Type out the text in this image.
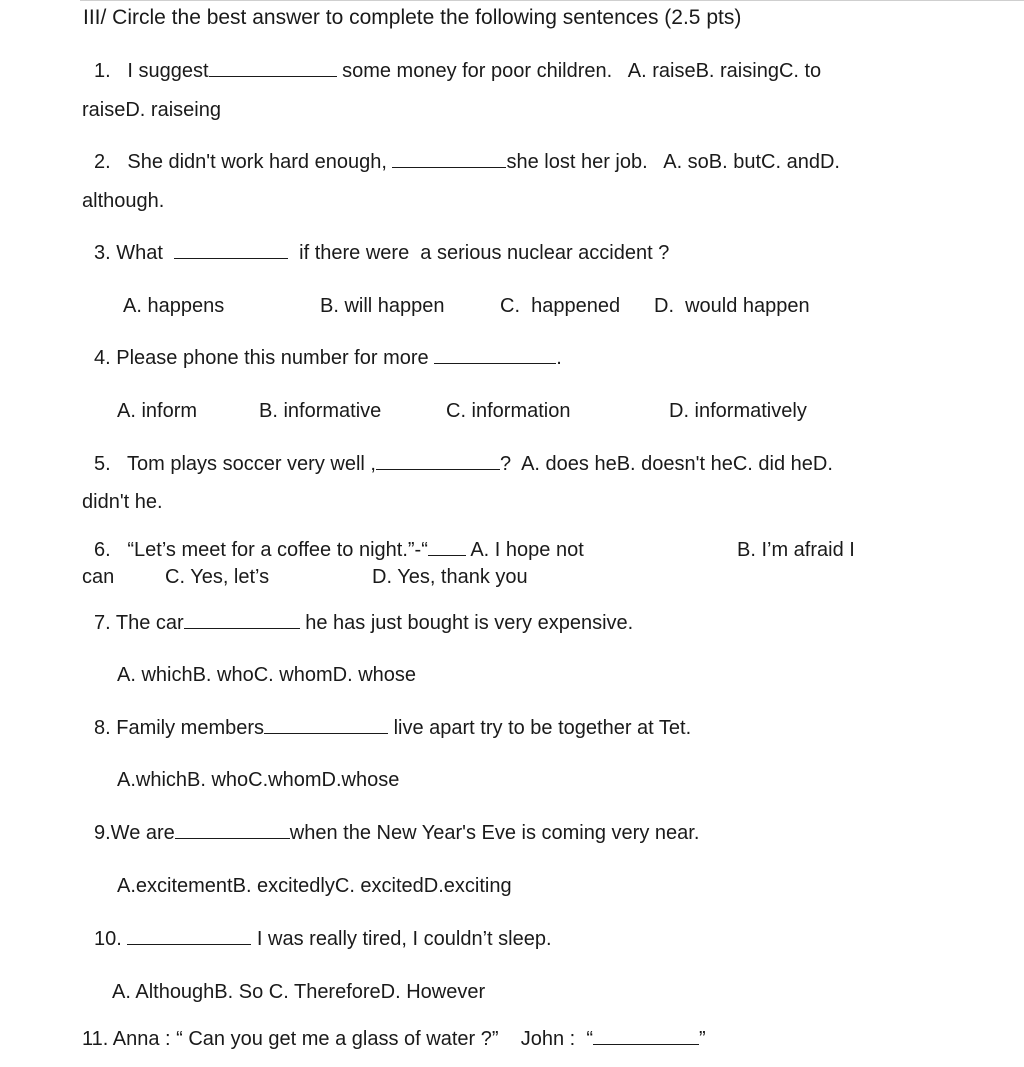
III/ Circle the best answer to complete the following sentences (2.5 pts)
1.   I suggest	some money for poor children.   A. raiseB. raisingC. to
raiseD. raiseing
2.   She didn't work hard enough,	she lost her job.   A. soB. butC. andD.
although.
3. What	if there were  a serious nuclear accident ?
A. happens	B. will happen	C.  happened D.  would happen
4. Please phone this number for more	.
A. inform	B. informative	C. information	D. informatively
5.   Tom plays soccer very well ,	?  A. does heB. doesn't heC. did heD.
didn't he.
6.   “Let’s meet for a coffee to night.”-“ A. I hope not	B. I’m afraid I
can	C. Yes, let’s	D. Yes, thank you
7. The car	he has just bought is very expensive.
A. whichB. whoC. whomD. whose
8. Family members	live apart try to be together at Tet.
A.whichB. whoC.whomD.whose
9.We are	when the New Year's Eve is coming very near.
A.excitementB. excitedlyC. excitedD.exciting
10.	I was really tired, I couldn’t sleep.
A. AlthoughB. So C. ThereforeD. However
11. Anna : “ Can you get me a glass of water ?”    John :  “	”
